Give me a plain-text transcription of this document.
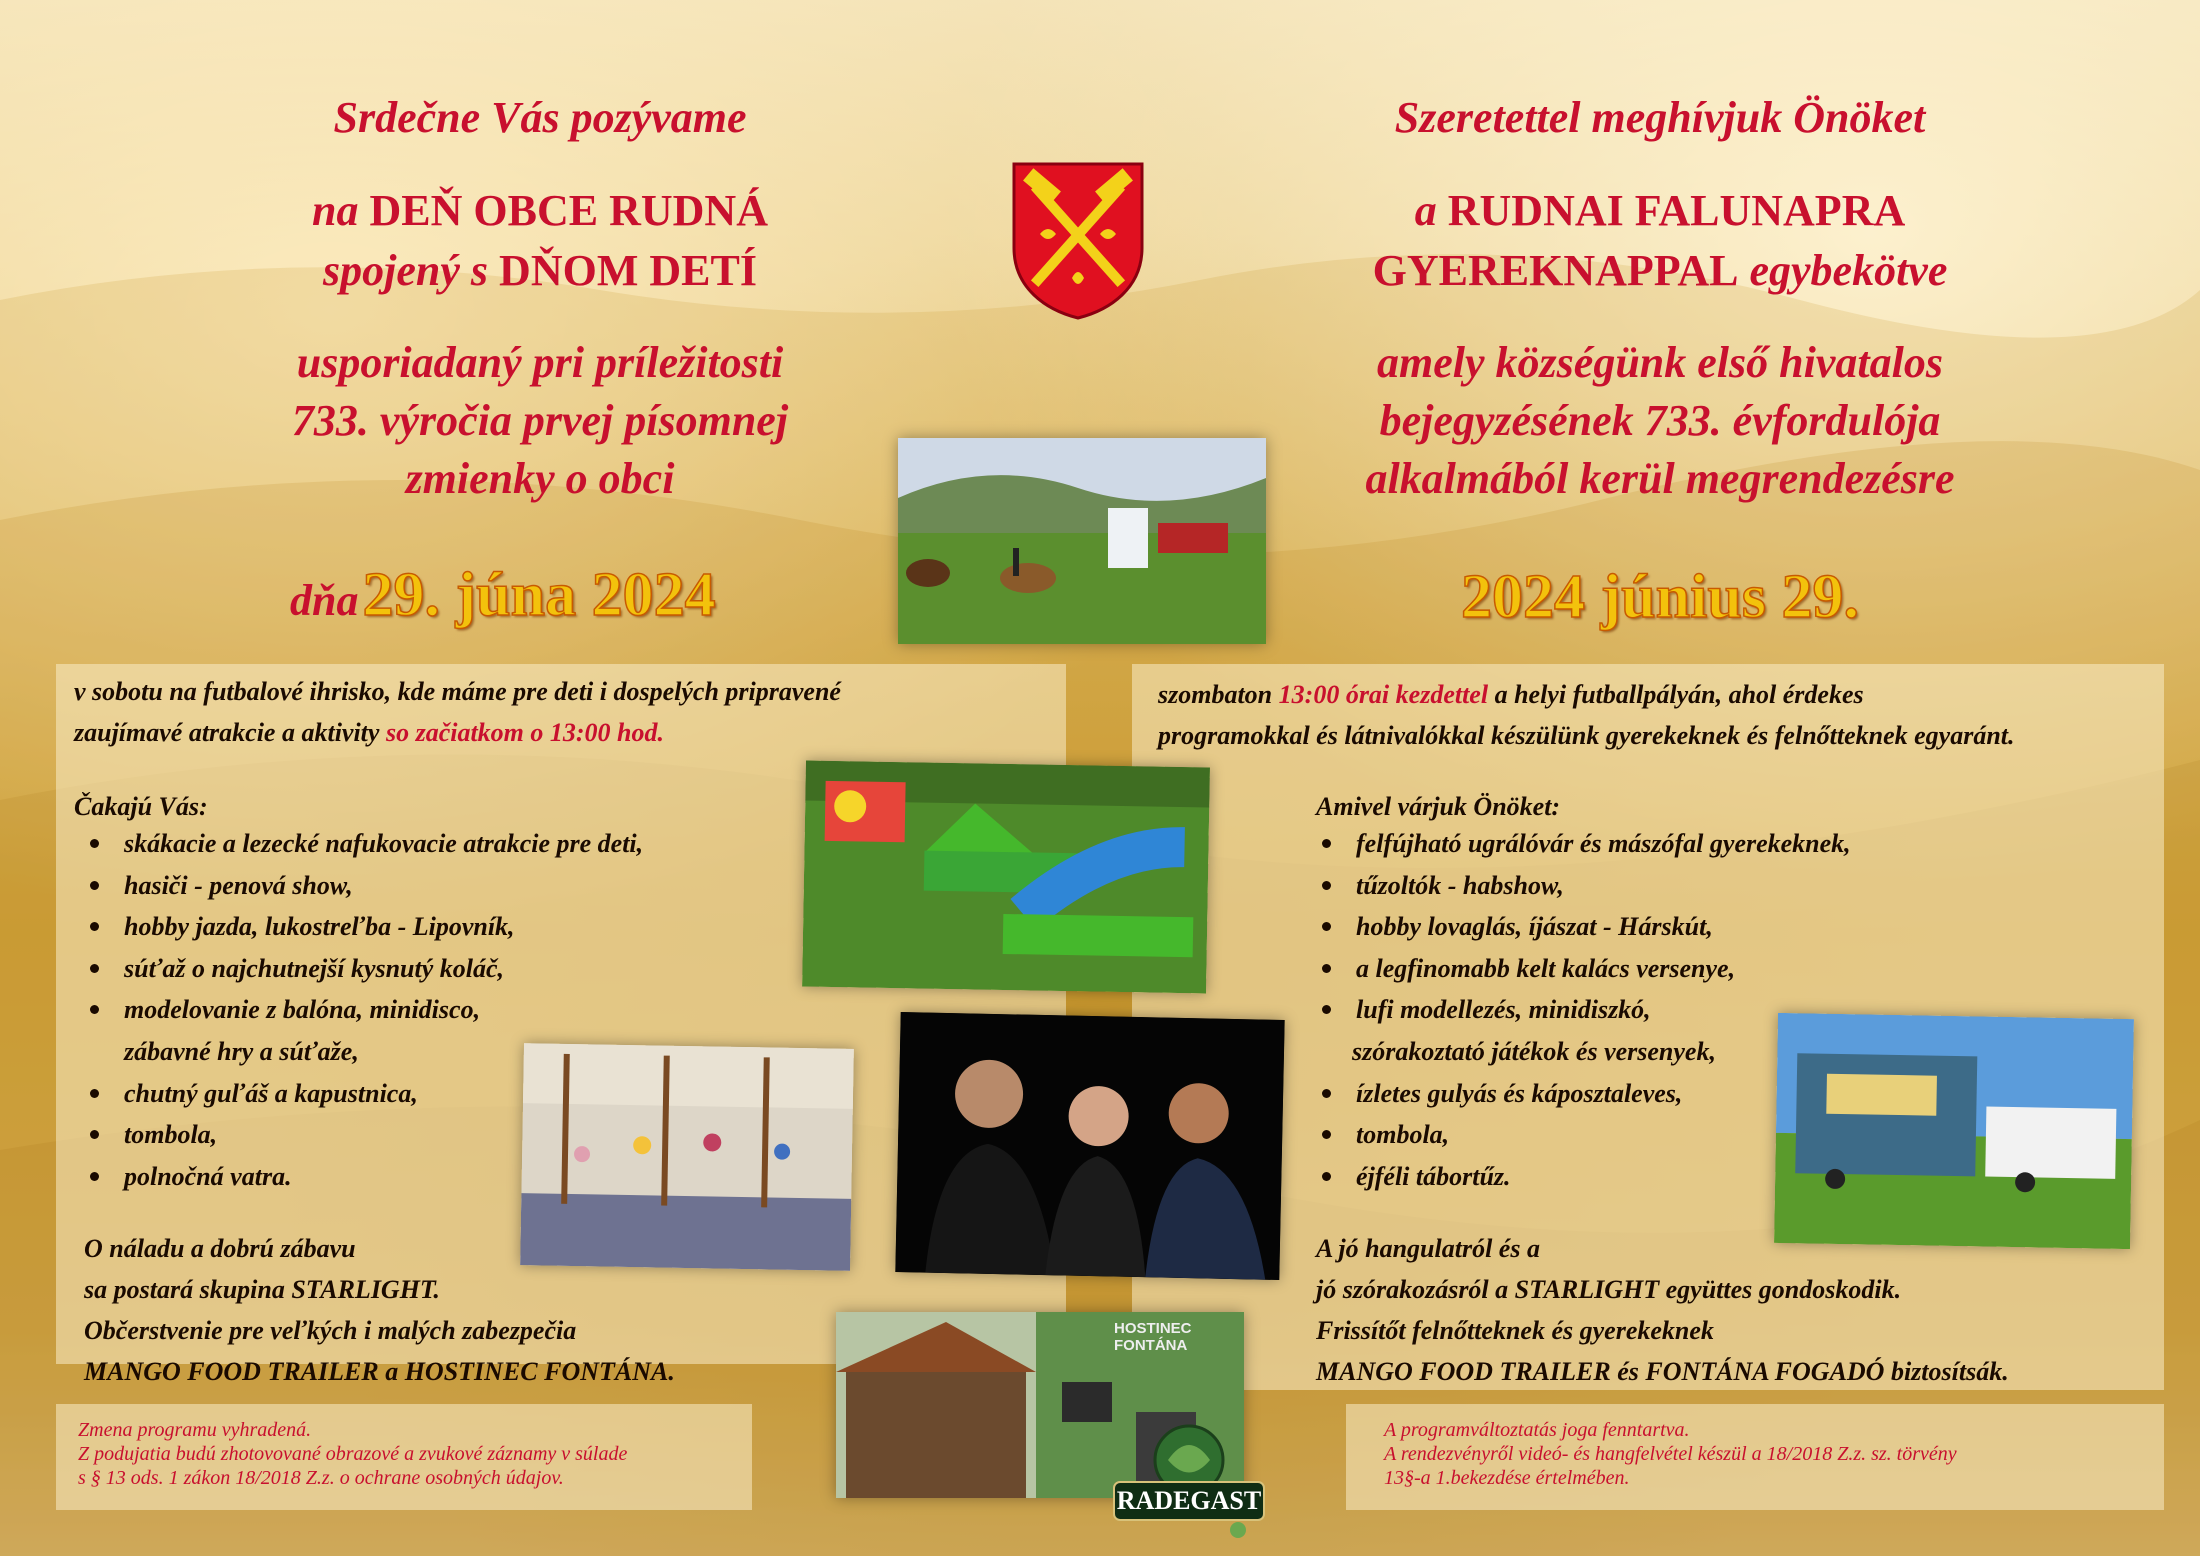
Srdečne Vás pozývame
na DEŇ OBCE RUDNÁ
spojený s DŇOM DETÍ
usporiadaný pri príležitosti
733. výročia prvej písomnej
zmienky o obci
dňa 29. júna 2024
Szeretettel meghívjuk Önöket
a RUDNAI FALUNAPRA
GYEREKNAPPAL egybekötve
amely községünk első hivatalos
bejegyzésének 733. évfordulója
alkalmából kerül megrendezésre
2024 június 29.
v sobotu na futbalové ihrisko, kde máme pre deti i dospelých pripravené
zaujímavé atrakcie a aktivity so začiatkom o 13:00 hod.
Čakajú Vás:
skákacie a lezecké nafukovacie atrakcie pre deti,
hasiči - penová show,
hobby jazda, lukostreľba - Lipovník,
súťaž o najchutnejší kysnutý koláč,
modelovanie z balóna, minidisco,
zábavné hry a súťaže,
chutný guľáš a kapustnica,
tombola,
polnočná vatra.
O náladu a dobrú zábavu
sa postará skupina STARLIGHT.
Občerstvenie pre veľkých i malých zabezpečia
MANGO FOOD TRAILER a HOSTINEC FONTÁNA.
szombaton 13:00 órai kezdettel a helyi futballpályán, ahol érdekes
programokkal és látnivalókkal készülünk gyerekeknek és felnőtteknek egyaránt.
Amivel várjuk Önöket:
felfújható ugrálóvár és mászófal gyerekeknek,
tűzoltók - habshow,
hobby lovaglás, íjászat - Hárskút,
a legfinomabb kelt kalács versenye,
lufi modellezés, minidiszkó,
szórakoztató játékok és versenyek,
ízletes gulyás és káposztaleves,
tombola,
éjféli tábortűz.
A jó hangulatról és a
jó szórakozásról a STARLIGHT együttes gondoskodik.
Frissítőt felnőtteknek és gyerekeknek
MANGO FOOD TRAILER és FONTÁNA FOGADÓ biztosítsák.
HOSTINEC FONTÁNA
RADEGAST
Zmena programu vyhradená.
Z podujatia budú zhotovované obrazové a zvukové záznamy v súlade
s § 13 ods. 1 zákon 18/2018 Z.z. o ochrane osobných údajov.
A programváltoztatás joga fenntartva.
A rendezvényről videó- és hangfelvétel készül a 18/2018 Z.z. sz. törvény
13§-a 1.bekezdése értelmében.
